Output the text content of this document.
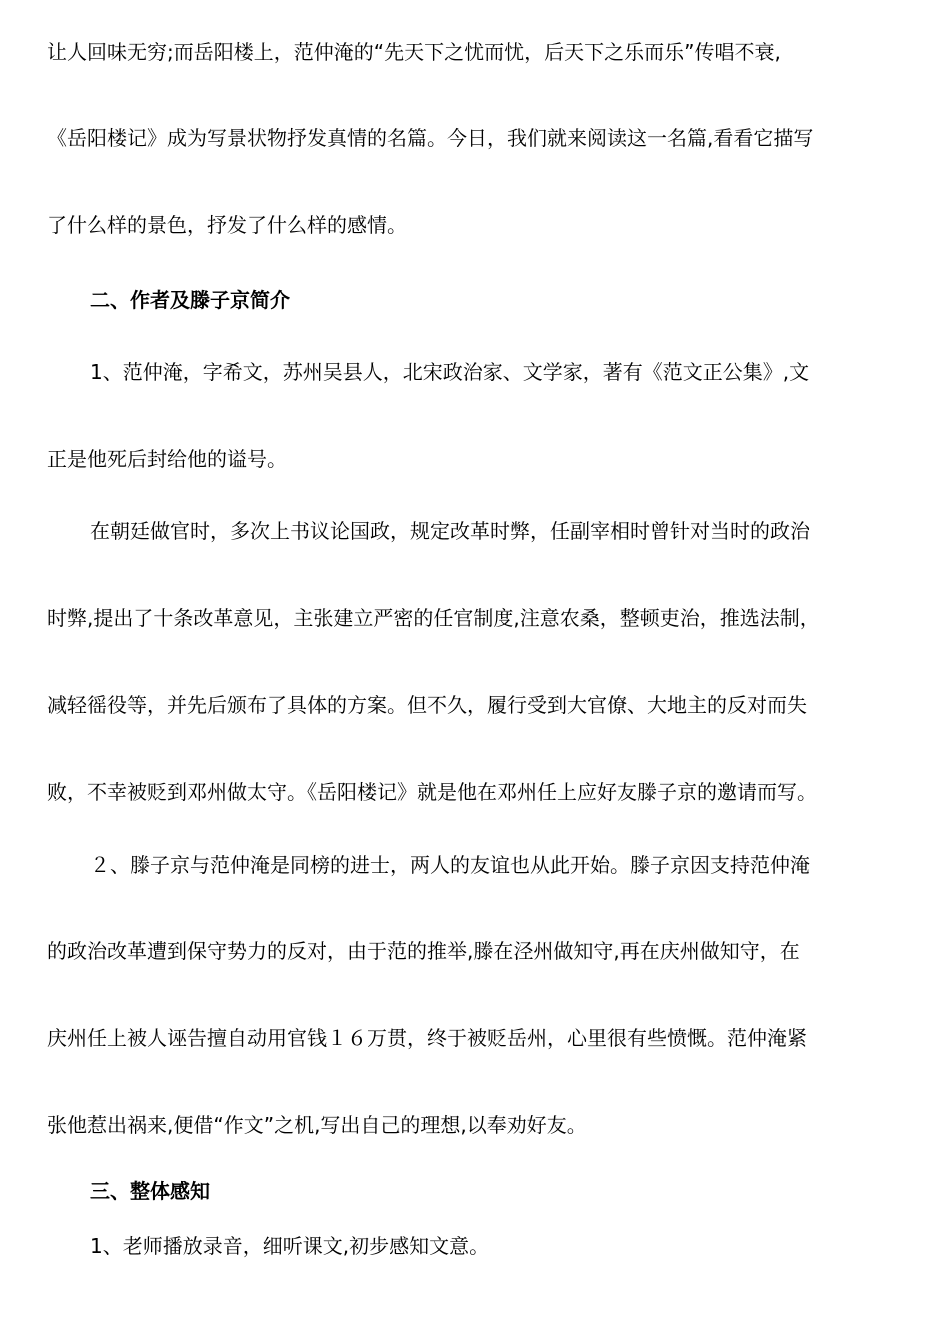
让人回味无穷;而岳阳楼上，范仲淹的“先天下之忧而忧，后天下之乐而乐”传唱不衰,
《岳阳楼记》成为写景状物抒发真情的名篇。今日，我们就来阅读这一名篇,看看它描写
了什么样的景色，抒发了什么样的感情。
二、作者及滕子京简介
1、范仲淹，字希文，苏州吴县人，北宋政治家、文学家，著有《范文正公集》,文
正是他死后封给他的谥号。
在朝廷做官时，多次上书议论国政，规定改革时弊，任副宰相时曾针对当时的政治
时弊,提出了十条改革意见，主张建立严密的任官制度,注意农桑，整顿吏治，推选法制，
减轻徭役等，并先后颁布了具体的方案。但不久，履行受到大官僚、大地主的反对而失
败，不幸被贬到邓州做太守。《岳阳楼记》就是他在邓州任上应好友滕子京的邀请而写。
２、滕子京与范仲淹是同榜的进士，两人的友谊也从此开始。滕子京因支持范仲淹
的政治改革遭到保守势力的反对，由于范的推举,滕在泾州做知守,再在庆州做知守，在
庆州任上被人诬告擅自动用官钱１６万贯，终于被贬岳州，心里很有些愤慨。范仲淹紧
张他惹出祸来,便借“作文”之机,写出自己的理想,以奉劝好友。
三、整体感知
1、老师播放录音，细听课文,初步感知文意。
